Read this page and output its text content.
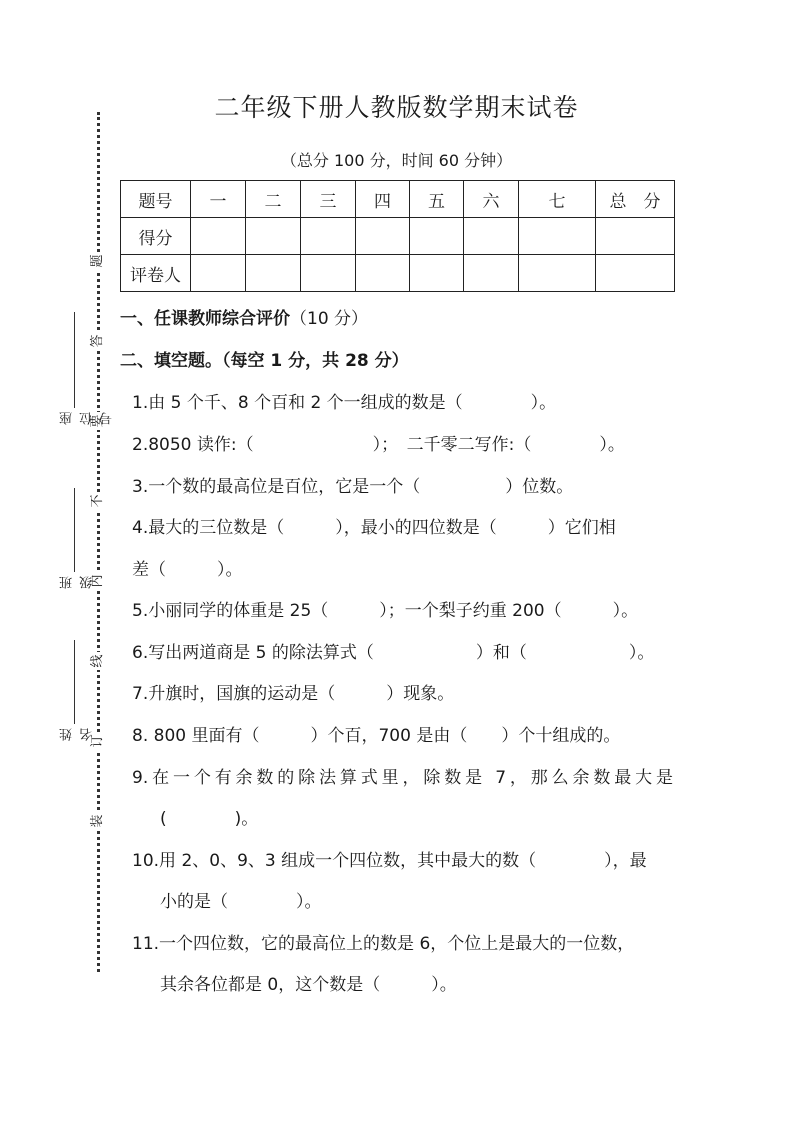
题
答
要
不
内
线
订
装
座位号
班级
姓名
二年级下册人教版数学期末试卷
（总分 100 分，时间 60 分钟）
题号	一	二	三	四	五	六	七	总　分
得分								
评卷人								
一、任课教师综合评价（10 分）
二、填空题。（每空 1 分，共 28 分）
1.由 5 个千、8 个百和 2 个一组成的数是（　　　　）。
2.8050 读作:（　　　　　　　）；　二千零二写作:（　　　　）。
3.一个数的最高位是百位，它是一个（　　　　　）位数。
4.最大的三位数是（　　　），最小的四位数是（　　　）它们相
差（　　　）。
5.小丽同学的体重是 25（　　　）；一个梨子约重 200（　　　）。
6.写出两道商是 5 的除法算式（　　　　　　）和（　　　　　　）。
7.升旗时，国旗的运动是（　　　）现象。
8. 800 里面有（　　　）个百，700 是由（　　）个十组成的。
9.在一个有余数的除法算式里，除数是 7，那么余数最大是
(　　　　)。
10.用 2、0、9、3 组成一个四位数，其中最大的数（　　　　），最
小的是（　　　　）。
11.一个四位数，它的最高位上的数是 6，个位上是最大的一位数，
其余各位都是 0，这个数是（　　　）。
